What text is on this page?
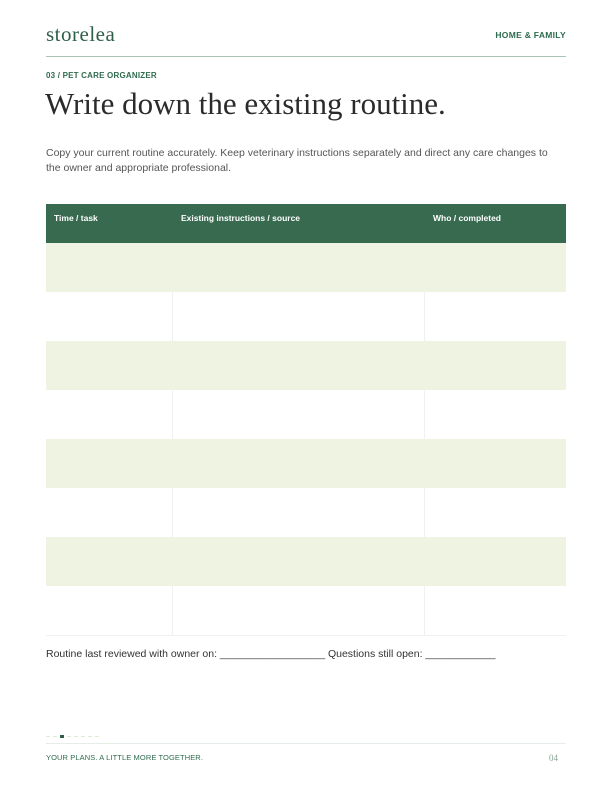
storelea	HOME & FAMILY
03 / PET CARE ORGANIZER
Write down the existing routine.

Copy your current routine accurately. Keep veterinary instructions separately and direct any care changes to the owner and appropriate professional.

Time / task	Existing instructions / source	Who / completed
Routine last reviewed with owner on: __________________ Questions still open: ____________
YOUR PLANS. A LITTLE MORE TOGETHER.	04
